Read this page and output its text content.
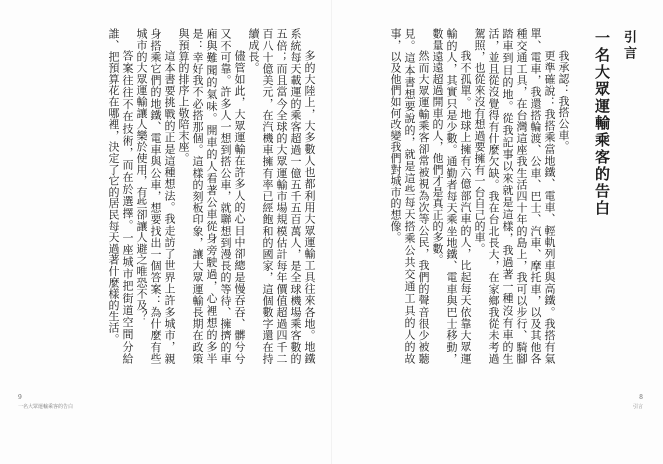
多的大陸上，大多數人也都利用大眾運輸工具往來各地。地鐵系統每天載運的乘客超過一億五千五百萬人，是全球機場乘客數的五倍；而且當今全球的大眾運輸市場規模估計每年價值超過四千二百八十億美元，在汽機車擁有率已經飽和的國家，這個數字還在持續成長。

儘管如此，大眾運輸在許多人的心目中卻總是慢吞吞、髒兮兮又不可靠。許多人一想到搭公車，就聯想到漫長的等待、擁擠的車廂與難聞的氣味。開車的人看著公車從身旁駛過，心裡想的多半是：幸好我不必搭那個。這樣的刻板印象，讓大眾運輸長期在政策與預算的排序上敬陪末座。

這本書要挑戰的正是這種想法。我走訪了世界上許多城市，親身搭乘它們的地鐵、電車與公車，想要找出一個答案：為什麼有些城市的大眾運輸讓人樂於使用，有些卻讓人避之唯恐不及？

答案往往不在技術，而在於選擇。一座城市把街道空間分給誰、把預算花在哪裡，決定了它的居民每天過著什麼樣的生活。

9
一名大眾運輸乘客的告白

引言

一名大眾運輸乘客的告白

我承認：我搭公車。

更準確說：我搭乘當地鐵、電車、輕軌列車與高鐵。我搭有氣單、電車，我還搭輪渡、公車、巴士、汽車、摩托車，以及其他各種交通工具，在台灣這座我生活四十年的島上，我可以步行、騎腳踏車到目的地。從我記事以來就是這樣，我過著一種沒有車的生活，並且從沒覺得有什麼欠缺。我在台北長大，在家鄉我從未考過駕照，也從來沒有想過要擁有一台自己的車。

我不孤單。地球上擁有六億部汽車的人，比起每天依靠大眾運輸的人，其實只是少數。通勤者每天乘坐地鐵、電車與巴士移動，數量遠遠超過開車的人，他們才是真正的多數。

然而大眾運輸乘客卻常被視為次等公民，我們的聲音很少被聽見。這本書想要說的，就是這些每天搭乘公共交通工具的人的故事，以及他們如何改變我們對城市的想像。

8
引言
